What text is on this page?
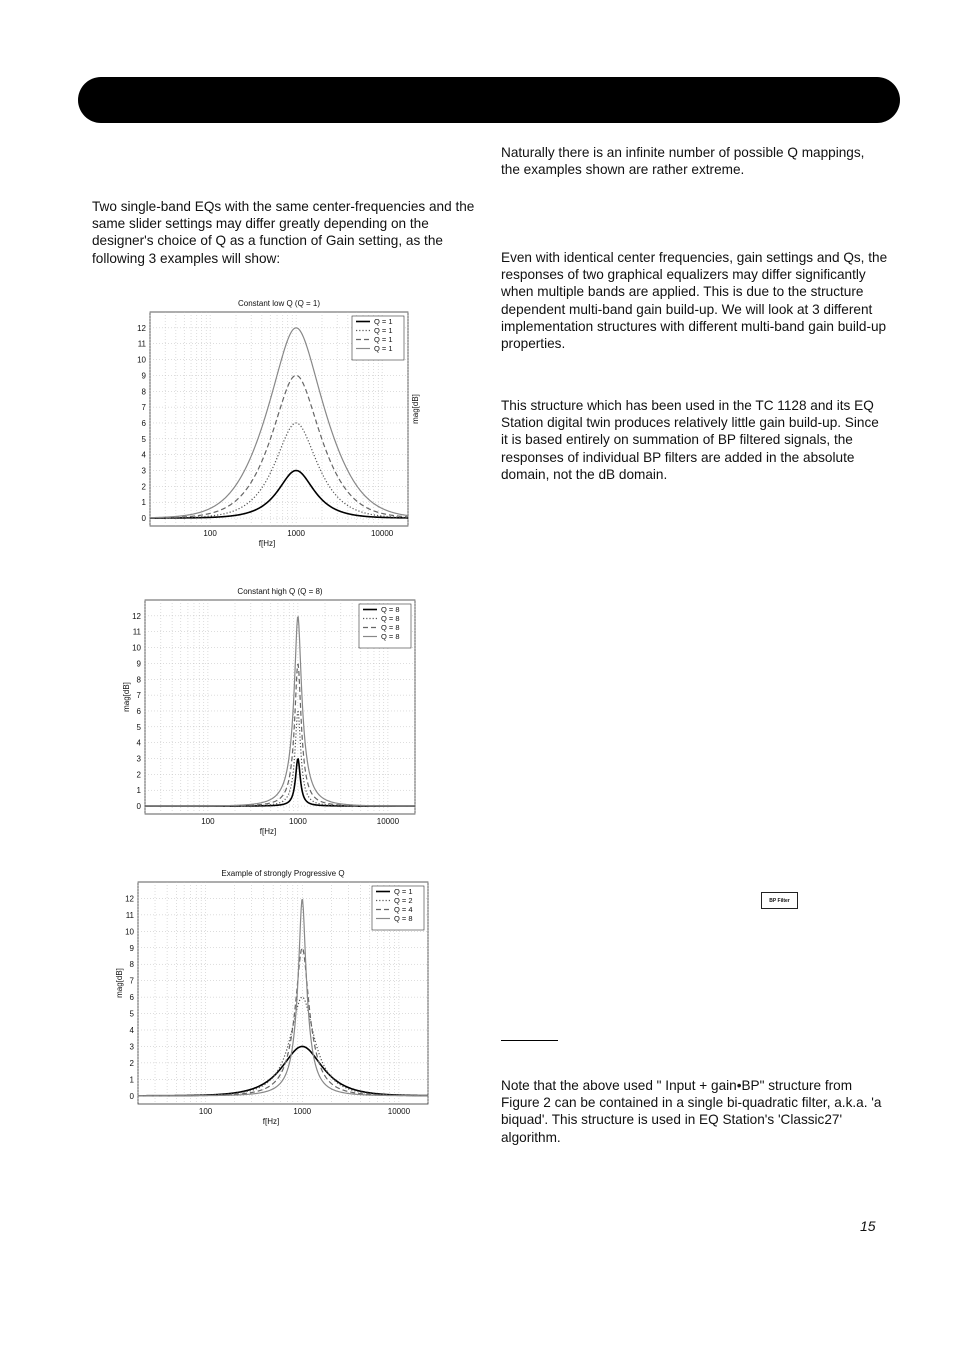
Naturally there is an infinite number of possible Q mappings, the examples shown are rather extreme.

Two single-band EQs with the same center-frequencies and the same slider settings may differ greatly depending on the designer's choice of Q as a function of Gain setting, as the following 3 examples will show:	Even with identical center frequencies, gain settings and Qs, the responses of two graphical equalizers may differ significantly when multiple bands are applied. This is due to the structure dependent multi-band gain build-up. We will look at 3 different implementation structures with different multi-band gain build-up properties.

This structure which has been used in the TC 1128 and its EQ Station digital twin produces relatively little gain build-up. Since it is based entirely on summation of BP filtered signals, the responses of individual BP filters are added in the absolute domain, not the dB domain.

0
1
2
3
4
5
6
7
8
9
10
11
12
100	1000	10000
Constant low Q (Q = 1)
f[Hz]
mag[dB]
Q = 1
Q = 1
Q = 1
Q = 1
0
1
2
3
4
5
6
7
8
9
10
11
12
100	1000	10000
Constant high Q (Q = 8)
f[Hz]
mag[dB]
Q = 8
Q = 8
Q = 8
Q = 8
0
1
2
3
4
5
6
7
8
9
10
11
12
100	1000	10000
Example of strongly Progressive Q
f[Hz]
mag[dB]
Q = 1
Q = 2
Q = 4
Q = 8
BP Filter

Note that the above used " Input + gain•BP" structure from Figure 2 can be contained in a single bi-quadratic filter, a.k.a. 'a biquad'. This structure is used in EQ Station's 'Classic27' algorithm.

15
